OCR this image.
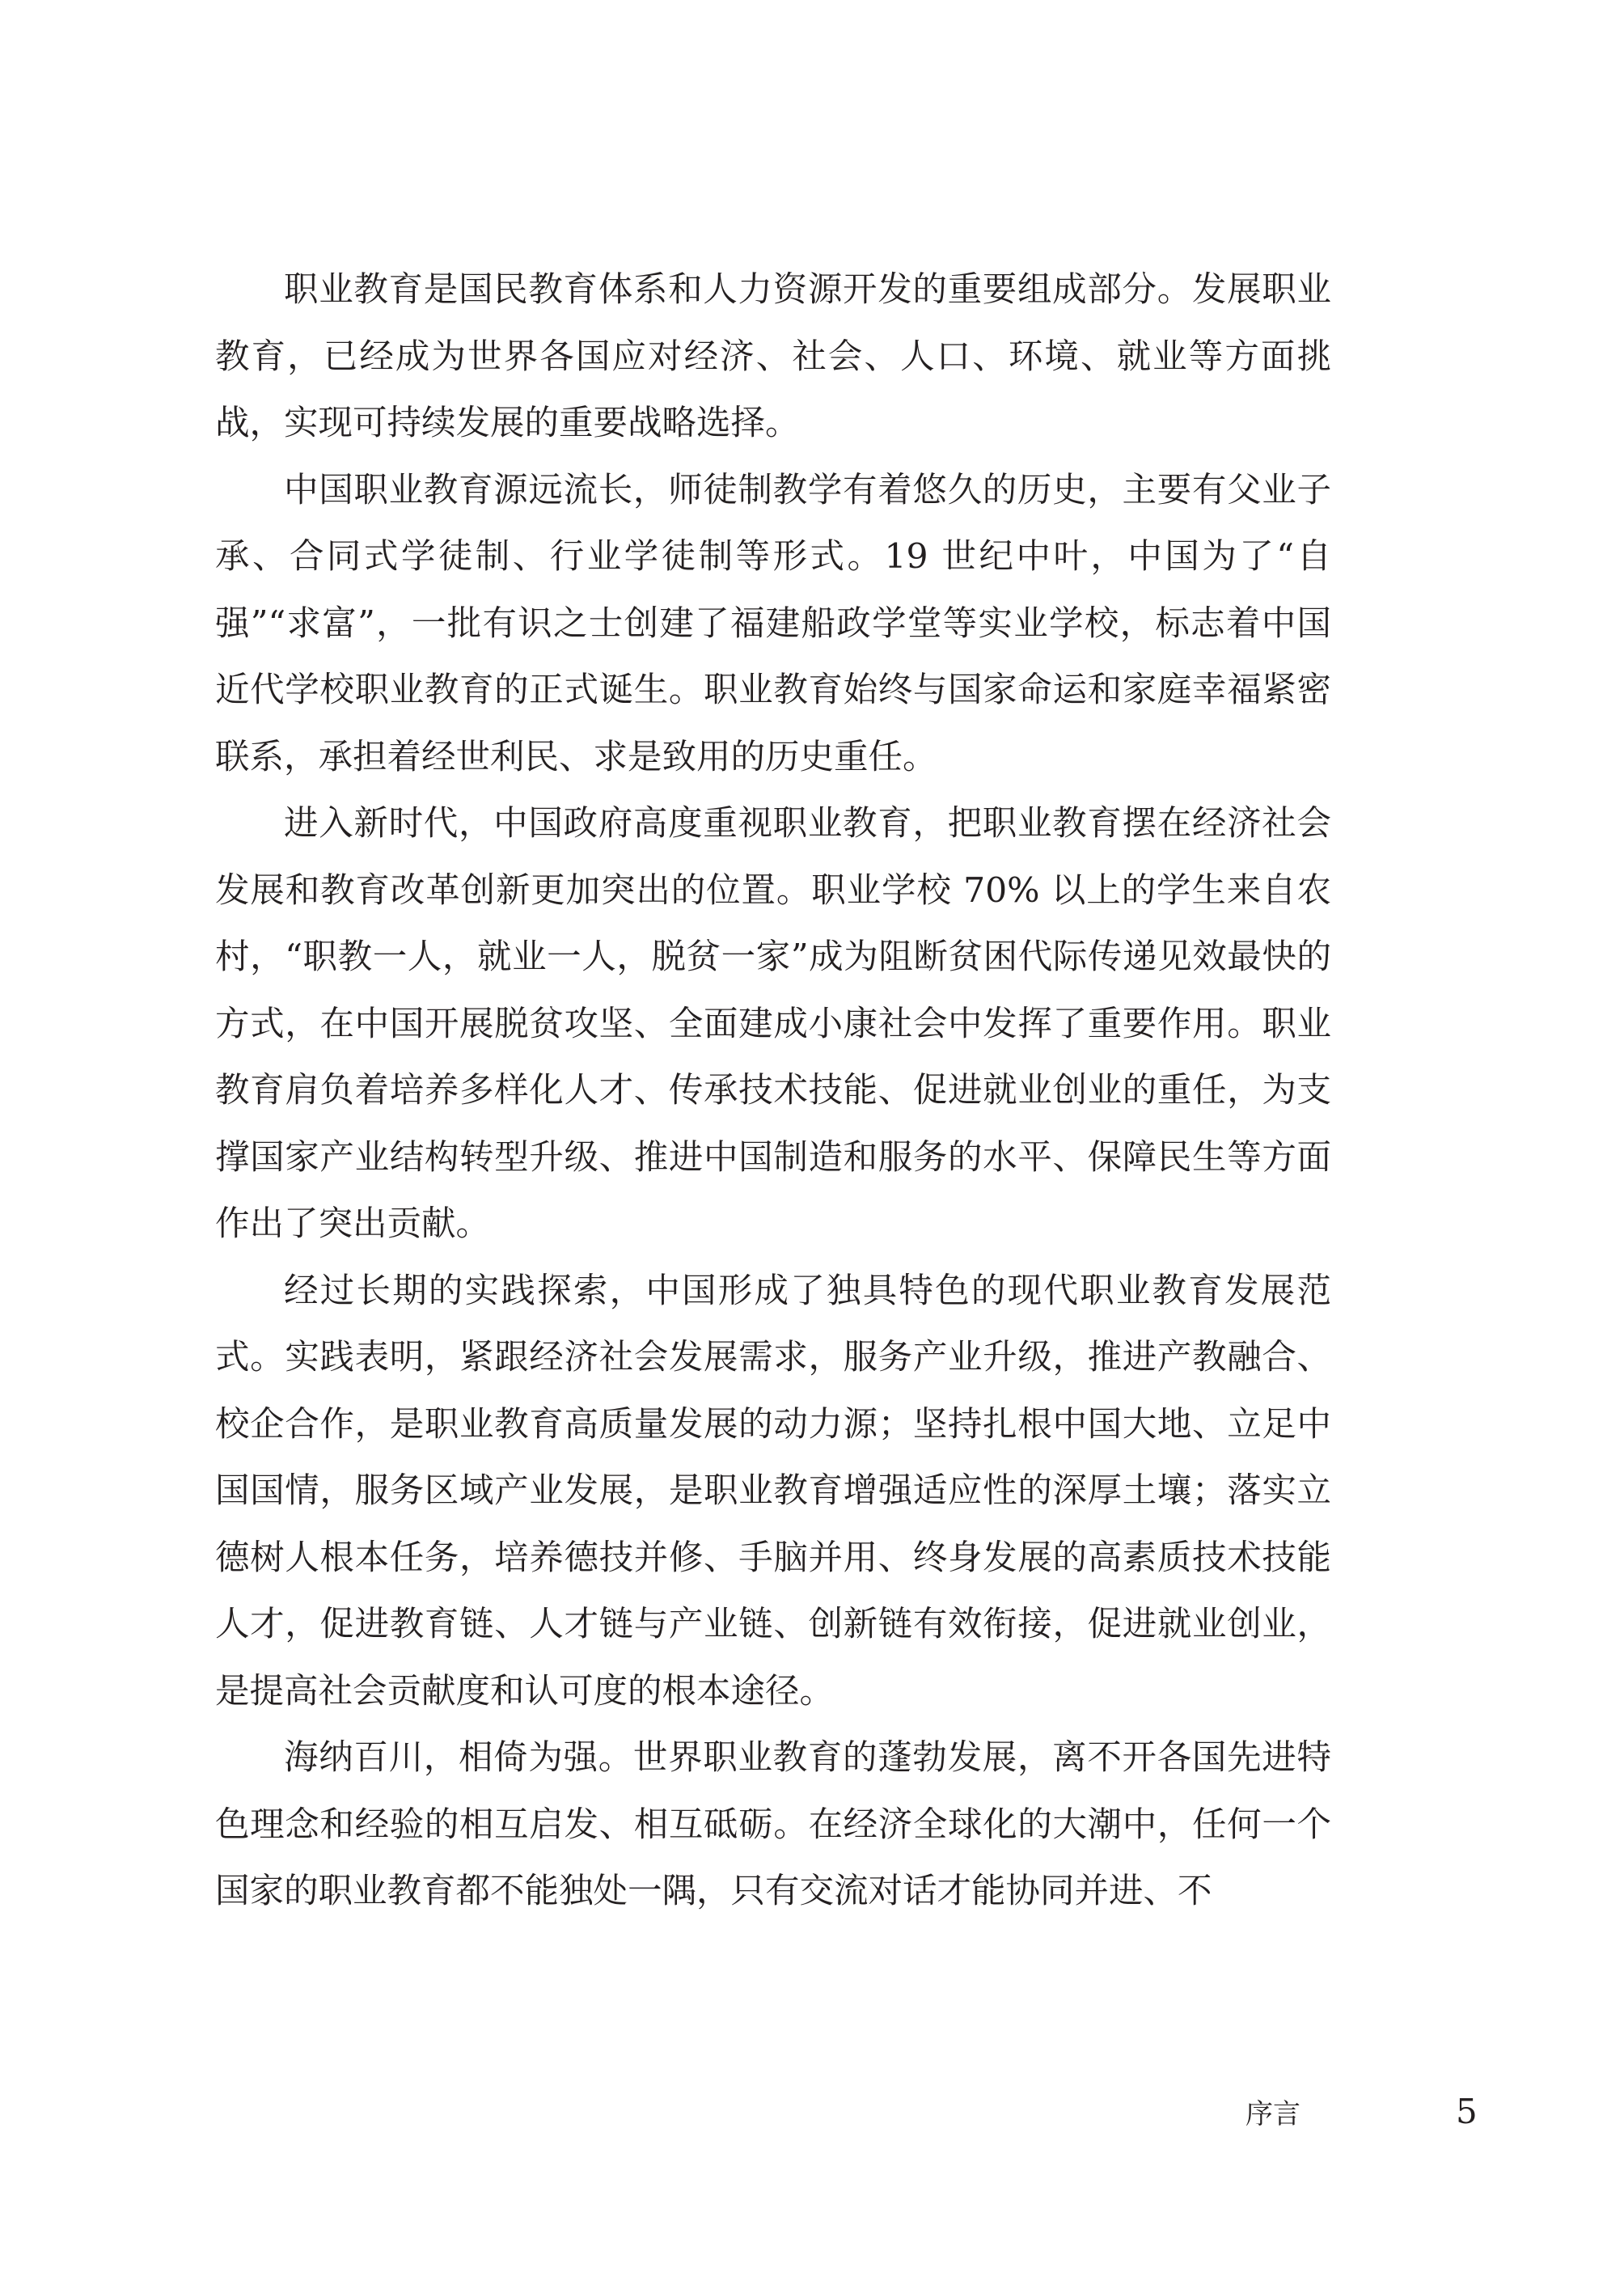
职业教育是国民教育体系和人力资源开发的重要组成部分。发展职业教育，已经成为世界各国应对经济、社会、人口、环境、就业等方面挑战，实现可持续发展的重要战略选择。

中国职业教育源远流长，师徒制教学有着悠久的历史，主要有父业子承、合同式学徒制、行业学徒制等形式。19 世纪中叶，中国为了“自强”“求富”，一批有识之士创建了福建船政学堂等实业学校，标志着中国近代学校职业教育的正式诞生。职业教育始终与国家命运和家庭幸福紧密联系，承担着经世利民、求是致用的历史重任。

进入新时代，中国政府高度重视职业教育，把职业教育摆在经济社会发展和教育改革创新更加突出的位置。职业学校 70% 以上的学生来自农村，“职教一人，就业一人，脱贫一家”成为阻断贫困代际传递见效最快的方式，在中国开展脱贫攻坚、全面建成小康社会中发挥了重要作用。职业教育肩负着培养多样化人才、传承技术技能、促进就业创业的重任，为支撑国家产业结构转型升级、推进中国制造和服务的水平、保障民生等方面作出了突出贡献。

经过长期的实践探索，中国形成了独具特色的现代职业教育发展范式。实践表明，紧跟经济社会发展需求，服务产业升级，推进产教融合、校企合作，是职业教育高质量发展的动力源；坚持扎根中国大地、立足中国国情，服务区域产业发展，是职业教育增强适应性的深厚土壤；落实立德树人根本任务，培养德技并修、手脑并用、终身发展的高素质技术技能人才，促进教育链、人才链与产业链、创新链有效衔接，促进就业创业，是提高社会贡献度和认可度的根本途径。

海纳百川，相倚为强。世界职业教育的蓬勃发展，离不开各国先进特色理念和经验的相互启发、相互砥砺。在经济全球化的大潮中，任何一个国家的职业教育都不能独处一隅，只有交流对话才能协同并进、不

序言	5
